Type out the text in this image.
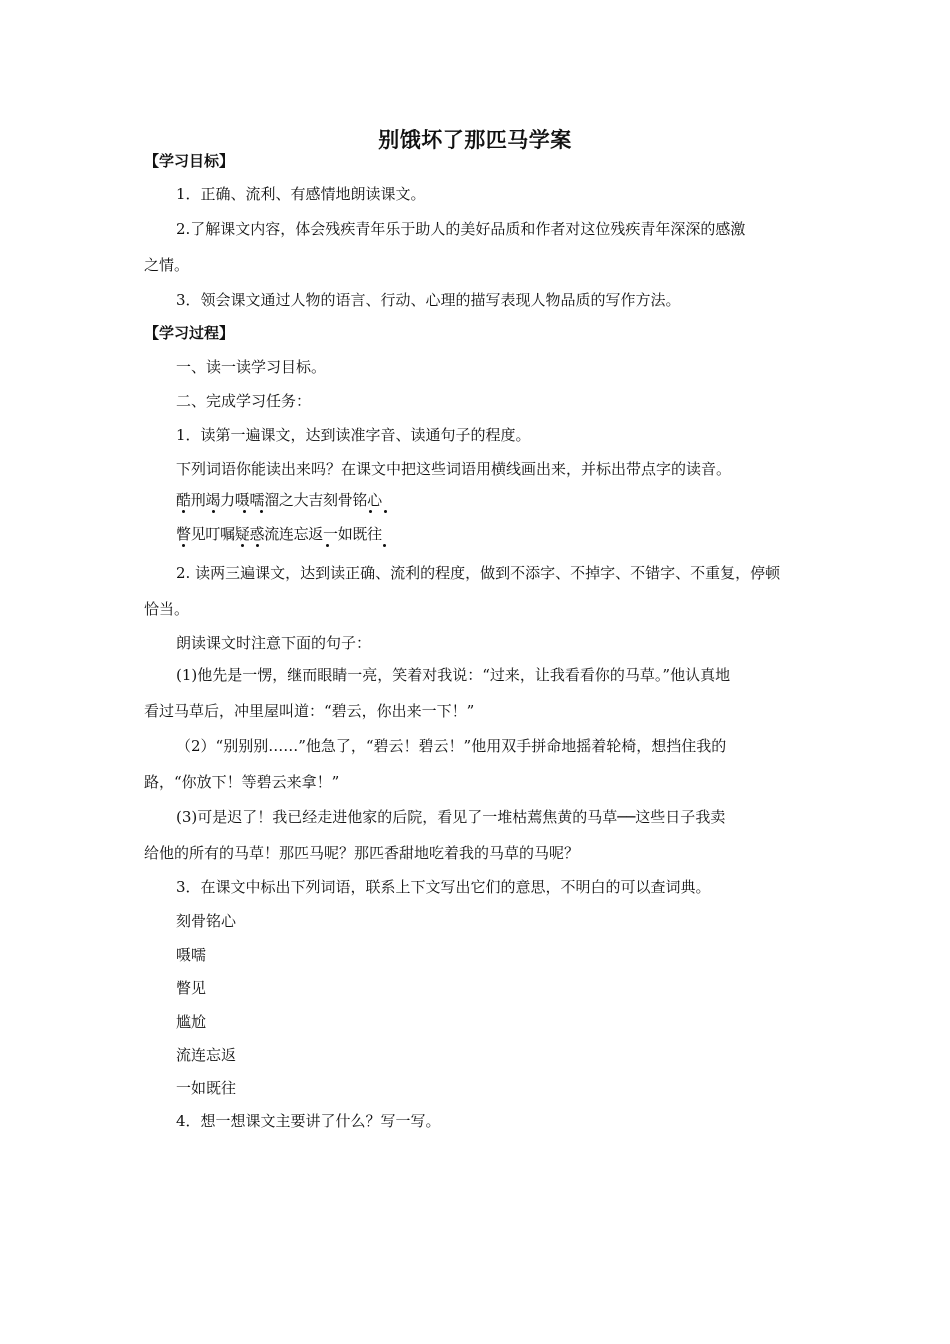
别饿坏了那匹马学案
【学习目标】
1．正确、流利、有感情地朗读课文。
2.了解课文内容，体会残疾青年乐于助人的美好品质和作者对这位残疾青年深深的感激
之情。
3．领会课文通过人物的语言、行动、心理的描写表现人物品质的写作方法。
【学习过程】
一、读一读学习目标。
二、完成学习任务：
1．读第一遍课文，达到读准字音、读通句子的程度。
下列词语你能读出来吗？在课文中把这些词语用横线画出来，并标出带点字的读音。
酷刑竭力嗫嚅溜之大吉刻骨铭心
瞥见叮嘱疑惑流连忘返一如既往
2. 读两三遍课文，达到读正确、流利的程度，做到不添字、不掉字、不错字、不重复，停顿
恰当。
朗读课文时注意下面的句子：
(1)他先是一愣，继而眼睛一亮，笑着对我说：“过来，让我看看你的马草。”他认真地
看过马草后，冲里屋叫道：“碧云，你出来一下！”
（2）“别别别……”他急了，“碧云！碧云！”他用双手拼命地摇着轮椅，想挡住我的
路，“你放下！等碧云来拿！”
(3)可是迟了！我已经走进他家的后院，看见了一堆枯蔫焦黄的马草──这些日子我卖
给他的所有的马草！那匹马呢？那匹香甜地吃着我的马草的马呢？
3．在课文中标出下列词语，联系上下文写出它们的意思，不明白的可以查词典。
刻骨铭心
嗫嚅
瞥见
尴尬
流连忘返
一如既往
4．想一想课文主要讲了什么？写一写。
